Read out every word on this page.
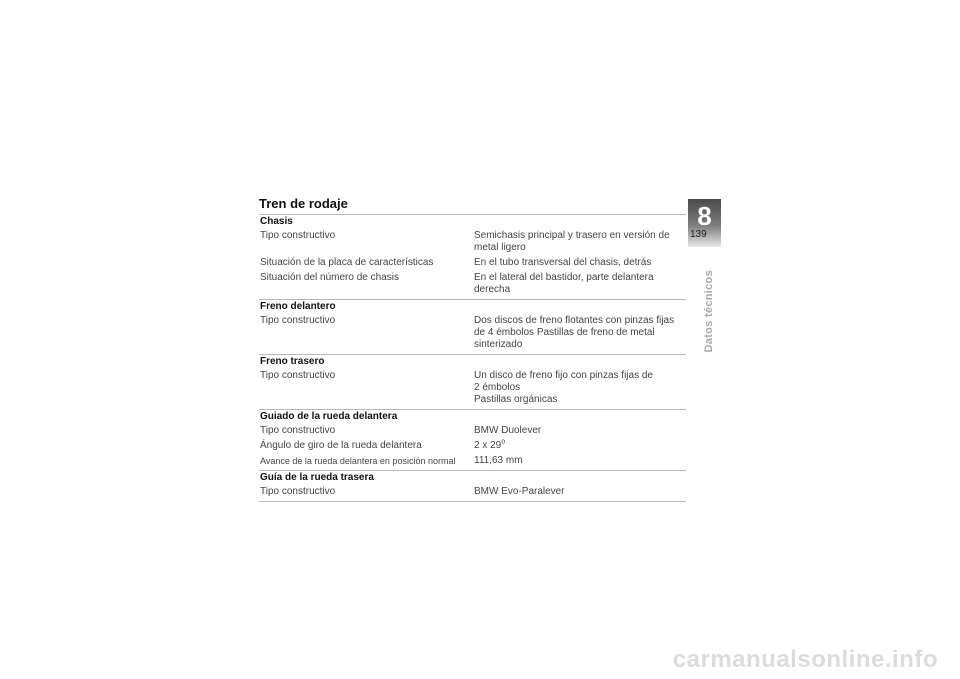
Tren de rodaje
Chasis
Tipo constructivo	Semichasis principal y trasero en versión de
metal ligero
Situación de la placa de características	En el tubo transversal del chasis, detrás
Situación del número de chasis	En el lateral del bastidor, parte delantera
derecha
Freno delantero
Tipo constructivo	Dos discos de freno flotantes con pinzas fijas
de 4 émbolos Pastillas de freno de metal
sinterizado
Freno trasero
Tipo constructivo	Un disco de freno fijo con pinzas fijas de
2 émbolos
Pastillas orgánicas
Guiado de la rueda delantera
Tipo constructivo	BMW Duolever
Ángulo de giro de la rueda delantera	2 x 29$^o$
Avance de la rueda delantera en posición normal	111,63 mm
Guía de la rueda trasera
Tipo constructivo	BMW Evo-Paralever
8
139
Datos técnicos
carmanualsonline.info
